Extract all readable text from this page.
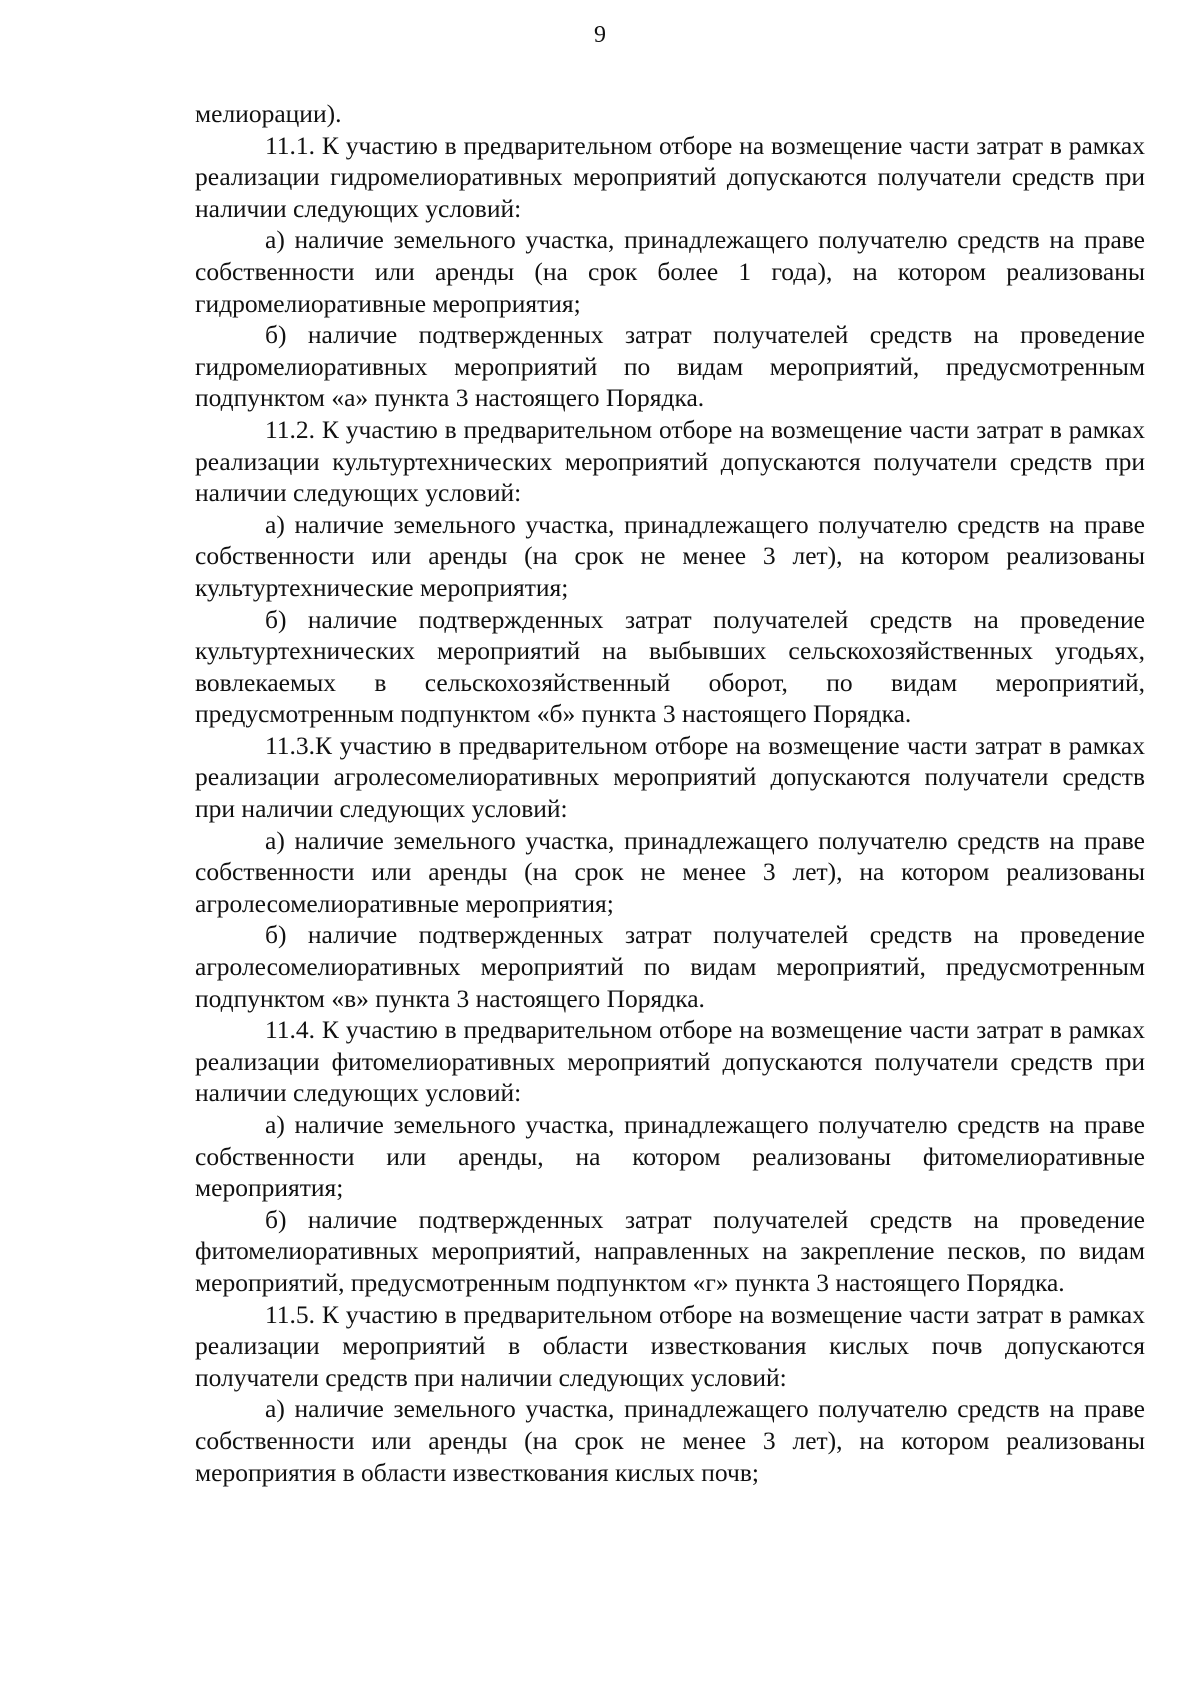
9

мелиорации).

11.1. К участию в предварительном отборе на возмещение части затрат в рамках реализации гидромелиоративных мероприятий допускаются получатели средств при наличии следующих условий:

а) наличие земельного участка, принадлежащего получателю средств на праве собственности или аренды (на срок более 1 года), на котором реализованы гидромелиоративные мероприятия;

б) наличие подтвержденных затрат получателей средств на проведение гидромелиоративных мероприятий по видам мероприятий, предусмотренным подпунктом «а» пункта 3 настоящего Порядка.

11.2. К участию в предварительном отборе на возмещение части затрат в рамках реализации культуртехнических мероприятий допускаются получатели средств при наличии следующих условий:

а) наличие земельного участка, принадлежащего получателю средств на праве собственности или аренды (на срок не менее 3 лет), на котором реализованы культуртехнические мероприятия;

б) наличие подтвержденных затрат получателей средств на проведение культуртехнических мероприятий на выбывших сельскохозяйственных угодьях, вовлекаемых в сельскохозяйственный оборот, по видам мероприятий, предусмотренным подпунктом «б» пункта 3 настоящего Порядка.

11.3.К участию в предварительном отборе на возмещение части затрат в рамках реализации агролесомелиоративных мероприятий допускаются получатели средств при наличии следующих условий:

а) наличие земельного участка, принадлежащего получателю средств на праве собственности или аренды (на срок не менее 3 лет), на котором реализованы агролесомелиоративные мероприятия;

б) наличие подтвержденных затрат получателей средств на проведение агролесомелиоративных мероприятий по видам мероприятий, предусмотренным подпунктом «в» пункта 3 настоящего Порядка.

11.4. К участию в предварительном отборе на возмещение части затрат в рамках реализации фитомелиоративных мероприятий допускаются получатели средств при наличии следующих условий:

а) наличие земельного участка, принадлежащего получателю средств на праве собственности или аренды, на котором реализованы фитомелиоративные мероприятия;

б) наличие подтвержденных затрат получателей средств на проведение фитомелиоративных мероприятий, направленных на закрепление песков, по видам мероприятий, предусмотренным подпунктом «г» пункта 3 настоящего Порядка.

11.5. К участию в предварительном отборе на возмещение части затрат в рамках реализации мероприятий в области известкования кислых почв допускаются получатели средств при наличии следующих условий:

а) наличие земельного участка, принадлежащего получателю средств на праве собственности или аренды (на срок не менее 3 лет), на котором реализованы мероприятия в области известкования кислых почв;
